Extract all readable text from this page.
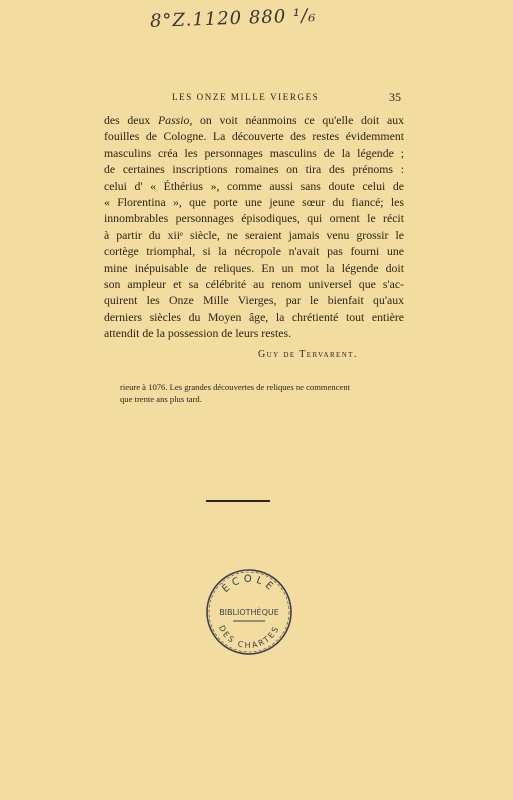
8°Z.1120 880 ¹/₆
LES ONZE MILLE VIERGES	35
des deux Passio, on voit néanmoins ce qu'elle doit aux
fouilles de Cologne. La découverte des restes évidemment
masculins créa les personnages masculins de la légende ;
de certaines inscriptions romaines on tira des prénoms :
celui d' « Éthérius », comme aussi sans doute celui de
« Florentina », que porte une jeune sœur du fiancé; les
innombrables personnages épisodiques, qui ornent le récit
à partir du xiiᵉ siècle, ne seraient jamais venu grossir le
cortège triomphal, si la nécropole n'avait pas fourni une
mine inépuisable de reliques. En un mot la légende doit
son ampleur et sa célébrité au renom universel que s'ac-
quirent les Onze Mille Vierges, par le bienfait qu'aux
derniers siècles du Moyen âge, la chrétienté tout entière
attendit de la possession de leurs restes.
Guy de Tervarent.
rieure à 1076. Les grandes découvertes de reliques ne commencent
que trente ans plus tard.
ÉCOLE
BIBLIOTHÈQUE
DES CHARTES
